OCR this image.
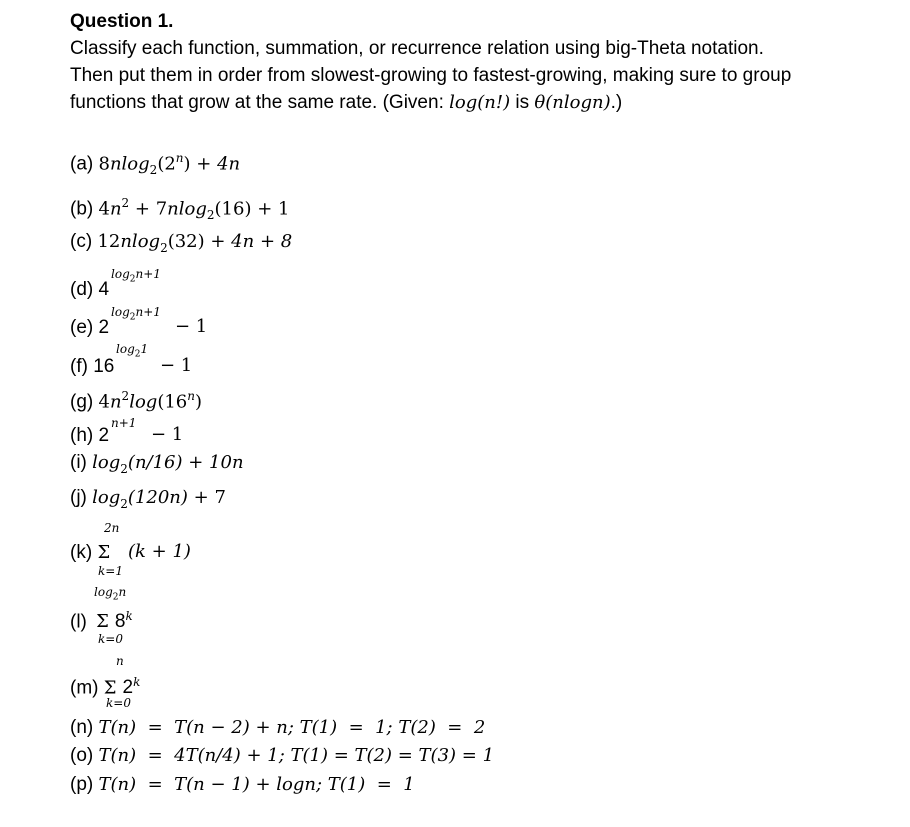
Question 1.
Classify each function, summation, or recurrence relation using big-Theta notation.
Then put them in order from slowest-growing to fastest-growing, making sure to group
functions that grow at the same rate. (Given: log(n!) is θ(nlogn).)
(a) $8nlog_2(2^n) + 4n$
(b) $4n^2 + 7nlog_2(16) + 1$
(c) 12nlog$_2$(32) + 4n + 8
(d) 4
$\log_2n+1$
(e) 2
$\log_2n+1$
− 1
(f) 16
$\log_21$
− 1
(g) $4n^2\log(16^n)$
(h) 2
n+1
− 1
(i) $\log_2(n/16) + 10n$
(j) $\log_2(120n) + 7$
2n
(k) Σ (k + 1)
k=1
$\log_2n$
(l) Σ 8$^k$
k=0
n
(m) Σ 2$^k$
k=0
(n) T(n)  =  T(n − 2) + n; T(1)  =  1; T(2)  =  2
(o) T(n)  =  4T(n/4) + 1; T(1) = T(2) = T(3) = 1
(p) T(n)  =  T(n − 1) + logn; T(1)  =  1
